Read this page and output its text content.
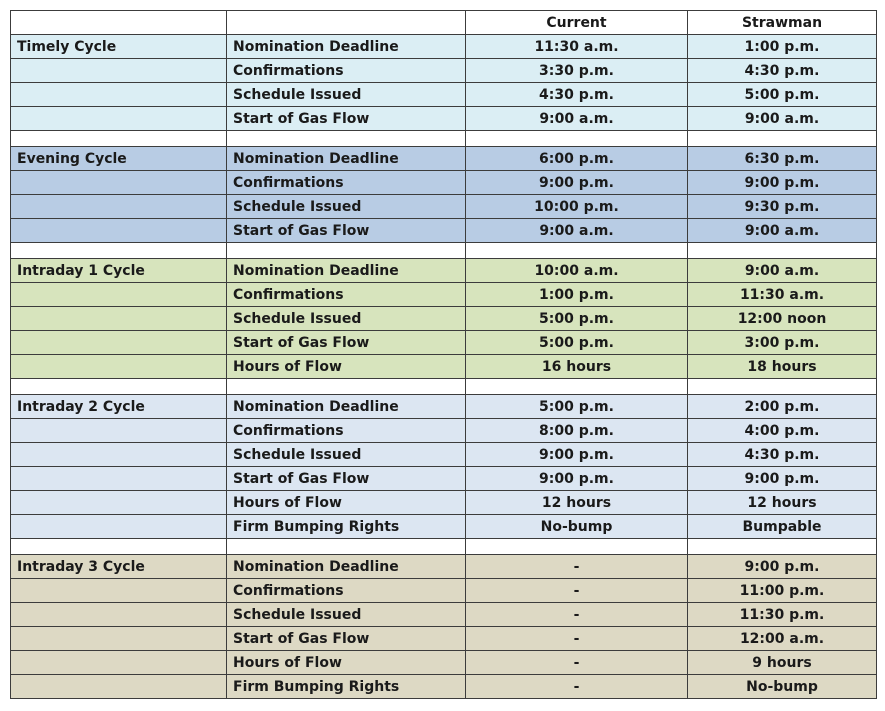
		Current	Strawman
Timely Cycle	Nomination Deadline	11:30 a.m.	1:00 p.m.
	Confirmations	3:30 p.m.	4:30 p.m.
	Schedule Issued	4:30 p.m.	5:00 p.m.
	Start of Gas Flow	9:00 a.m.	9:00 a.m.

Evening Cycle	Nomination Deadline	6:00 p.m.	6:30 p.m.
	Confirmations	9:00 p.m.	9:00 p.m.
	Schedule Issued	10:00 p.m.	9:30 p.m.
	Start of Gas Flow	9:00 a.m.	9:00 a.m.

Intraday 1 Cycle	Nomination Deadline	10:00 a.m.	9:00 a.m.
	Confirmations	1:00 p.m.	11:30 a.m.
	Schedule Issued	5:00 p.m.	12:00 noon
	Start of Gas Flow	5:00 p.m.	3:00 p.m.
	Hours of Flow	16 hours	18 hours

Intraday 2 Cycle	Nomination Deadline	5:00 p.m.	2:00 p.m.
	Confirmations	8:00 p.m.	4:00 p.m.
	Schedule Issued	9:00 p.m.	4:30 p.m.
	Start of Gas Flow	9:00 p.m.	9:00 p.m.
	Hours of Flow	12 hours	12 hours
	Firm Bumping Rights	No-bump	Bumpable

Intraday 3 Cycle	Nomination Deadline	-	9:00 p.m.
	Confirmations	-	11:00 p.m.
	Schedule Issued	-	11:30 p.m.
	Start of Gas Flow	-	12:00 a.m.
	Hours of Flow	-	9 hours
	Firm Bumping Rights	-	No-bump
